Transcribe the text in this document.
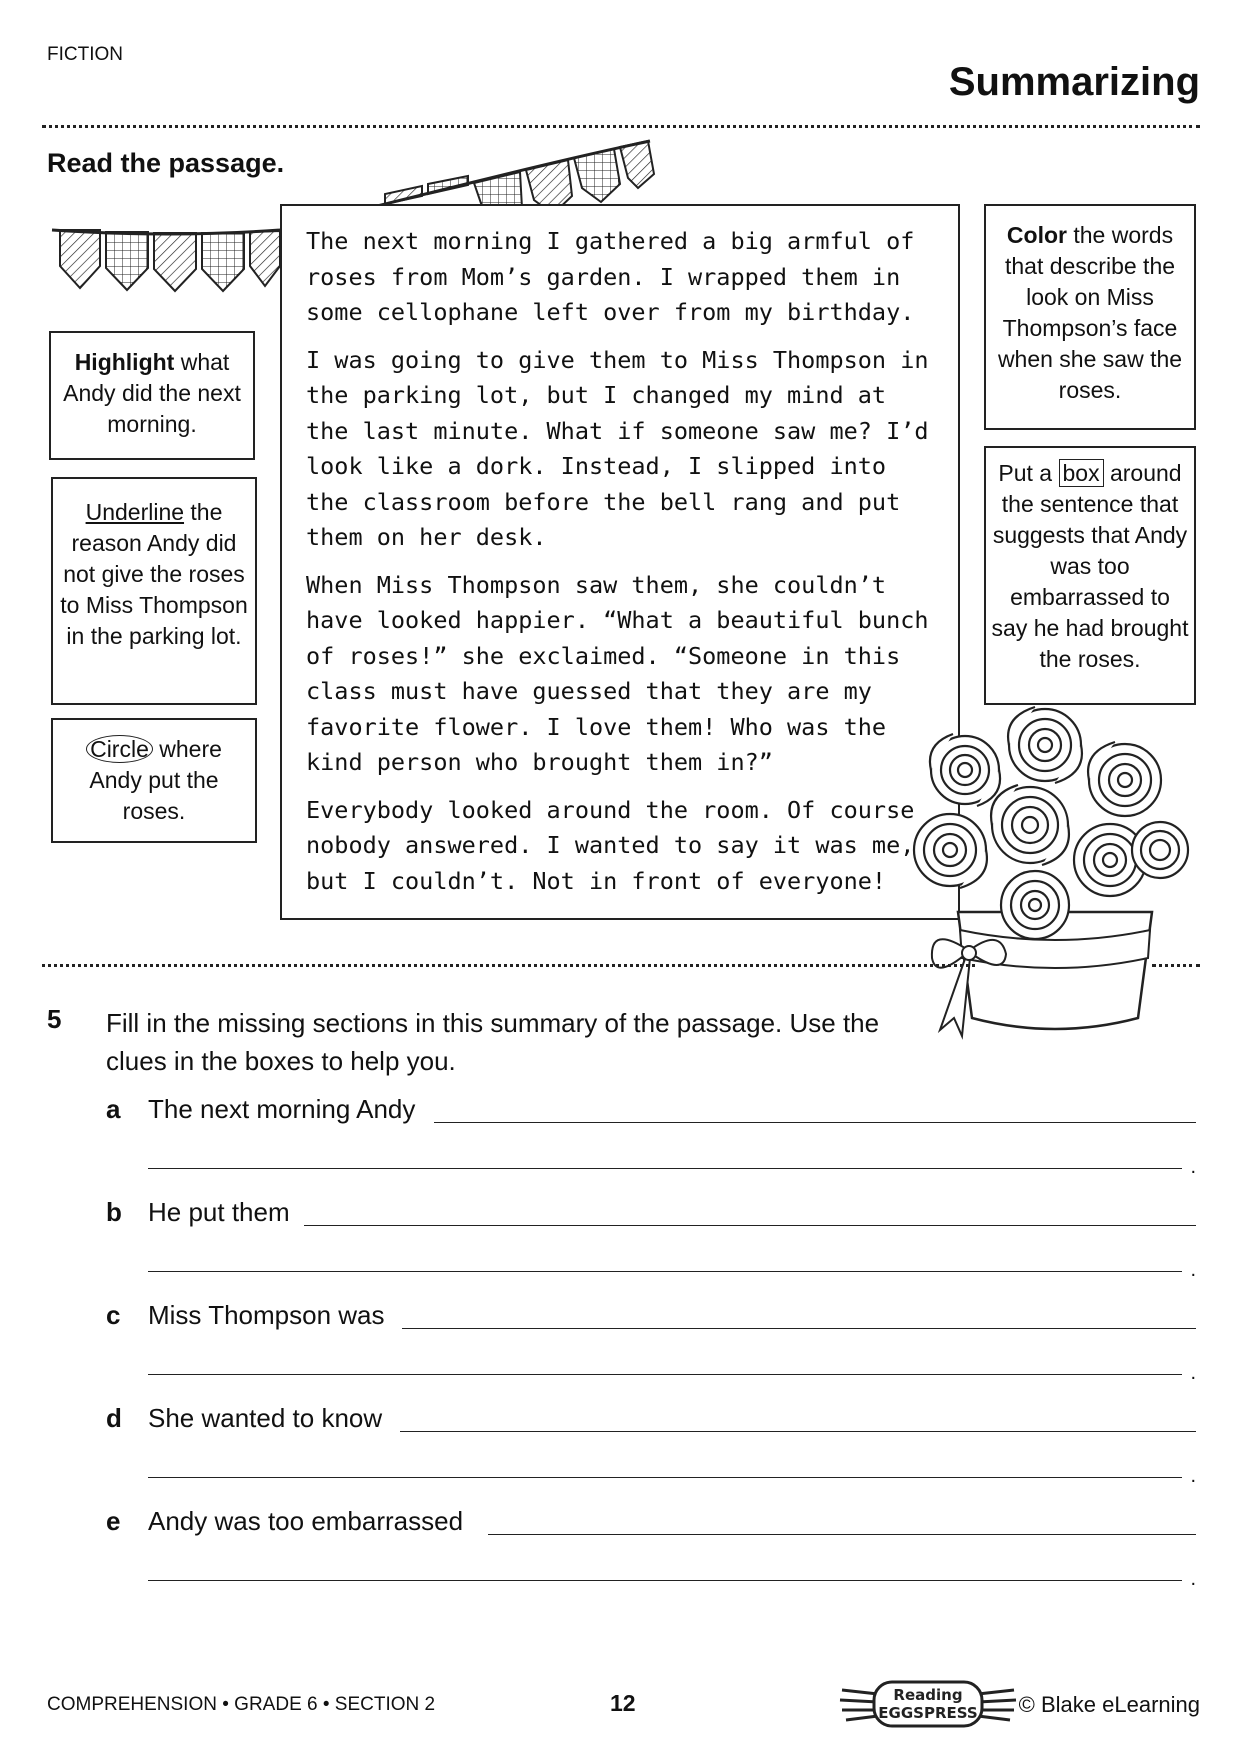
FICTION
Summarizing
Read the passage.
Highlight what Andy did the next morning.
Underline the reason Andy did not give the roses to Miss Thompson in the parking lot.
Circle where Andy put the roses.

The next morning I gathered a big armful of roses from Mom’s garden. I wrapped them in some cellophane left over from my birthday.

I was going to give them to Miss Thompson in the parking lot, but I changed my mind at the last minute. What if someone saw me? I’d look like a dork. Instead, I slipped into the classroom before the bell rang and put them on her desk.

When Miss Thompson saw them, she couldn’t have looked happier. “What a beautiful bunch of roses!” she exclaimed. “Someone in this class must have guessed that they are my favorite flower. I love them! Who was the kind person who brought them in?”

Everybody looked around the room. Of course nobody answered. I wanted to say it was me, but I couldn’t. Not in front of everyone!

Color the words that describe the look on Miss Thompson’s face when she saw the roses.
Put a box around the sentence that suggests that Andy was too embarrassed to say he had brought the roses.
5 Fill in the missing sections in this summary of the passage. Use the clues in the boxes to help you.
a The next morning Andy
.
b He put them
.
c Miss Thompson was
.
d She wanted to know
.
e Andy was too embarrassed
.
COMPREHENSION • GRADE 6 • SECTION 2	12	Reading
EGGSPRESS © Blake eLearning
